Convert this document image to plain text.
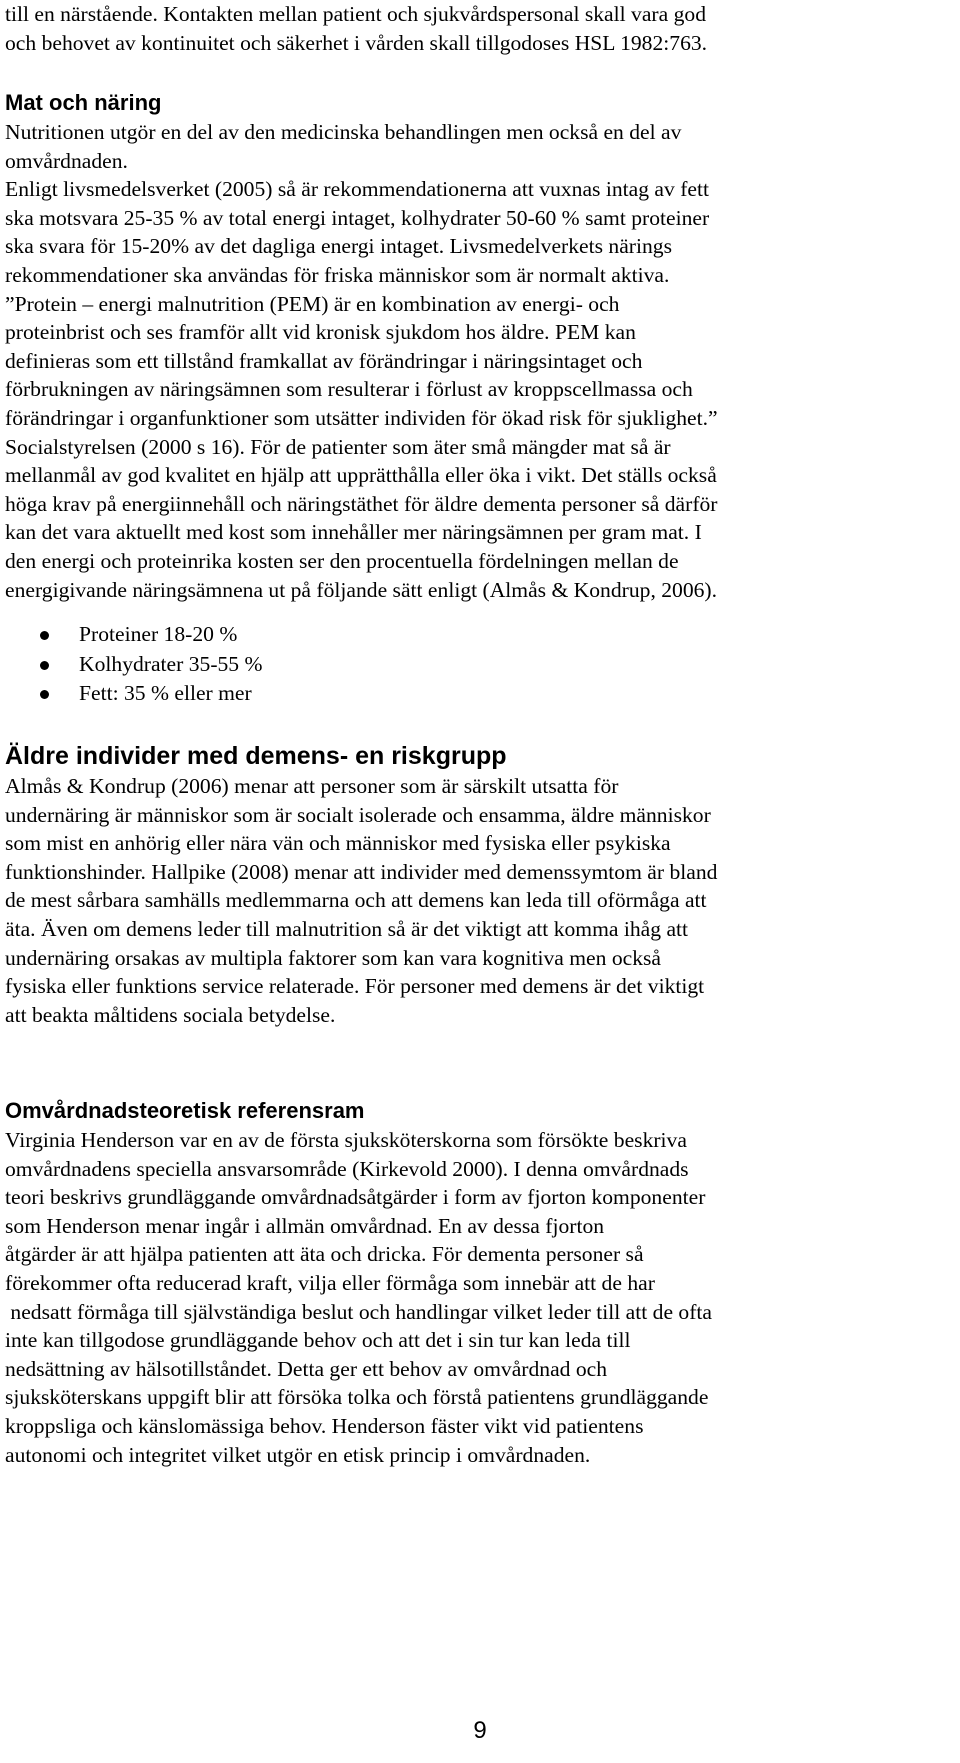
till en närstående. Kontakten mellan patient och sjukvårdspersonal skall vara god
och behovet av kontinuitet och säkerhet i vården skall tillgodoses HSL 1982:763.
Mat och näring
Nutritionen utgör en del av den medicinska behandlingen men också en del av
omvårdnaden.
Enligt livsmedelsverket (2005) så är rekommendationerna att vuxnas intag av fett
ska motsvara 25-35 % av total energi intaget, kolhydrater 50-60 % samt proteiner
ska svara för 15-20% av det dagliga energi intaget. Livsmedelverkets närings
rekommendationer ska användas för friska människor som är normalt aktiva.
”Protein – energi malnutrition (PEM) är en kombination av energi- och
proteinbrist och ses framför allt vid kronisk sjukdom hos äldre. PEM kan
definieras som ett tillstånd framkallat av förändringar i näringsintaget och
förbrukningen av näringsämnen som resulterar i förlust av kroppscellmassa och
förändringar i organfunktioner som utsätter individen för ökad risk för sjuklighet.”
Socialstyrelsen (2000 s 16). För de patienter som äter små mängder mat så är
mellanmål av god kvalitet en hjälp att upprätthålla eller öka i vikt. Det ställs också
höga krav på energiinnehåll och näringstäthet för äldre dementa personer så därför
kan det vara aktuellt med kost som innehåller mer näringsämnen per gram mat. I
den energi och proteinrika kosten ser den procentuella fördelningen mellan de
energigivande näringsämnena ut på följande sätt enligt (Almås & Kondrup, 2006).
Proteiner 18-20 %
Kolhydrater 35-55 %
Fett: 35 % eller mer
Äldre individer med demens- en riskgrupp
Almås & Kondrup (2006) menar att personer som är särskilt utsatta för
undernäring är människor som är socialt isolerade och ensamma, äldre människor
som mist en anhörig eller nära vän och människor med fysiska eller psykiska
funktionshinder. Hallpike (2008) menar att individer med demenssymtom är bland
de mest sårbara samhälls medlemmarna och att demens kan leda till oförmåga att
äta. Även om demens leder till malnutrition så är det viktigt att komma ihåg att
undernäring orsakas av multipla faktorer som kan vara kognitiva men också
fysiska eller funktions service relaterade. För personer med demens är det viktigt
att beakta måltidens sociala betydelse.
Omvårdnadsteoretisk referensram
Virginia Henderson var en av de första sjuksköterskorna som försökte beskriva
omvårdnadens speciella ansvarsområde (Kirkevold 2000). I denna omvårdnads
teori beskrivs grundläggande omvårdnadsåtgärder i form av fjorton komponenter
som Henderson menar ingår i allmän omvårdnad. En av dessa fjorton
åtgärder är att hjälpa patienten att äta och dricka. För dementa personer så
förekommer ofta reducerad kraft, vilja eller förmåga som innebär att de har
nedsatt förmåga till självständiga beslut och handlingar vilket leder till att de ofta
inte kan tillgodose grundläggande behov och att det i sin tur kan leda till
nedsättning av hälsotillståndet. Detta ger ett behov av omvårdnad och
sjuksköterskans uppgift blir att försöka tolka och förstå patientens grundläggande
kroppsliga och känslomässiga behov. Henderson fäster vikt vid patientens
autonomi och integritet vilket utgör en etisk princip i omvårdnaden.
9
